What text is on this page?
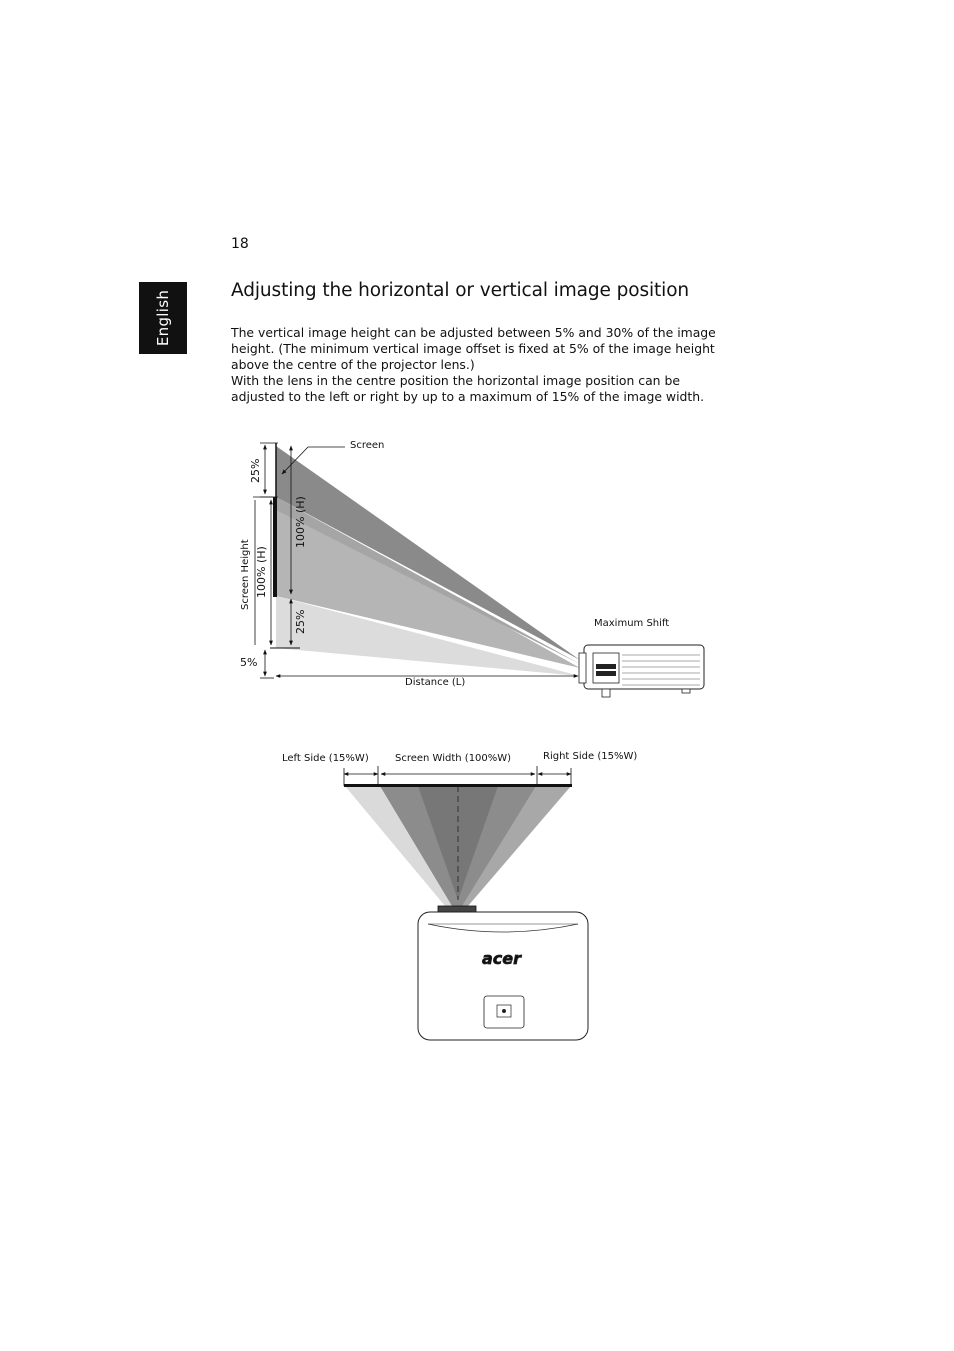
18
English	Adjusting the horizontal or vertical image position

The vertical image height can be adjusted between 5% and 30% of the image height. (The minimum vertical image offset is fixed at 5% of the image height above the centre of the projector lens.)

With the lens in the centre position the horizontal image position can be adjusted to the left or right by up to a maximum of 15% of the image width.

Screen
25%
Screen Height 100% (H)
5%
100% (H)
25%
Distance (L)
Maximum Shift
Left Side (15%W)	Screen Width (100%W)	Right Side (15%W)
acer
